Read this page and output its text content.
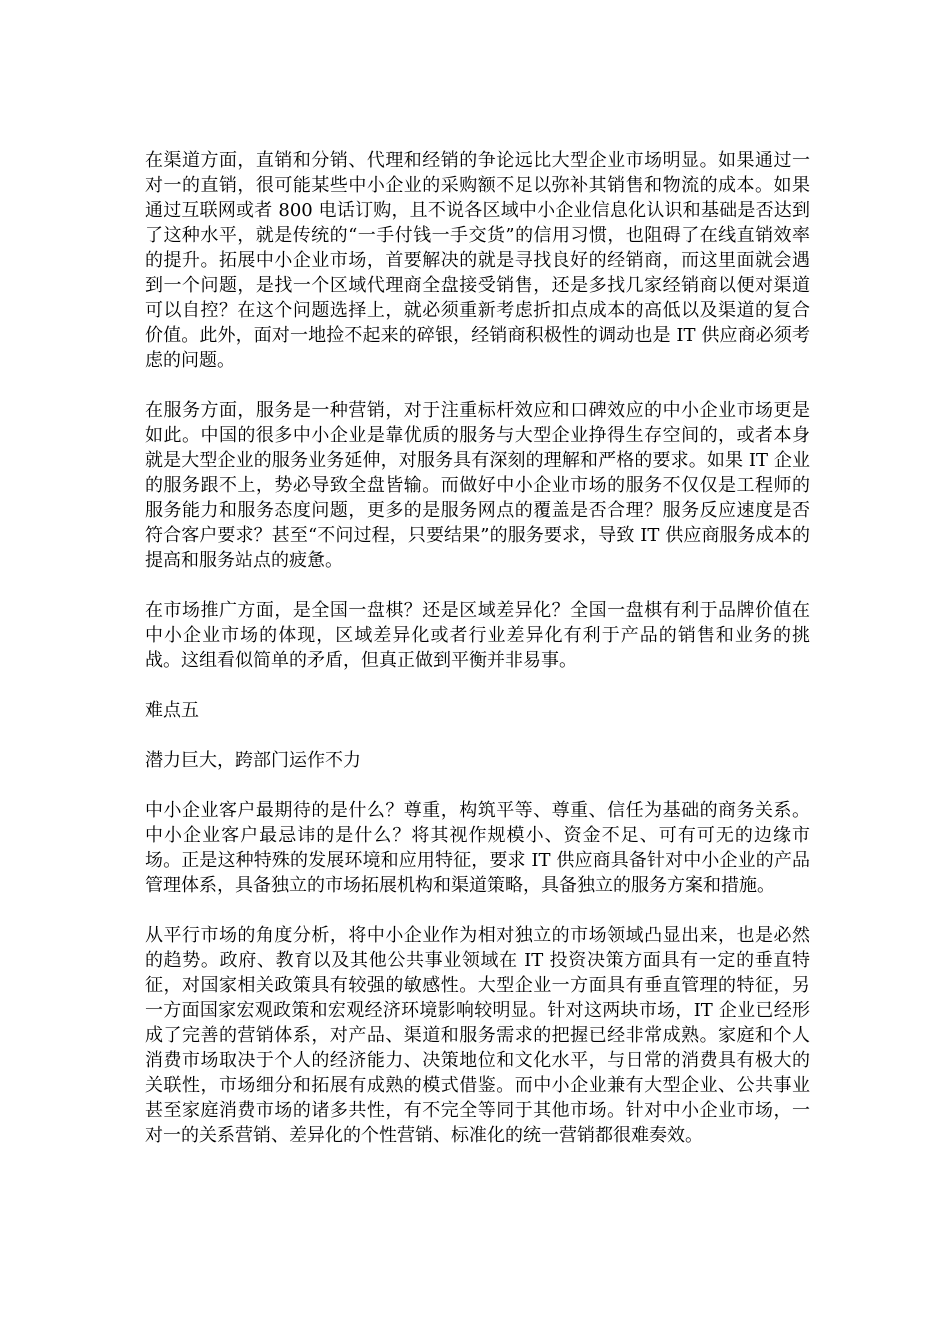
在渠道方面，直销和分销、代理和经销的争论远比大型企业市场明显。如果通过一对一的直销，很可能某些中小企业的采购额不足以弥补其销售和物流的成本。如果通过互联网或者 800 电话订购，且不说各区域中小企业信息化认识和基础是否达到了这种水平，就是传统的“一手付钱一手交货”的信用习惯，也阻碍了在线直销效率的提升。拓展中小企业市场，首要解决的就是寻找良好的经销商，而这里面就会遇到一个问题，是找一个区域代理商全盘接受销售，还是多找几家经销商以便对渠道可以自控？在这个问题选择上，就必须重新考虑折扣点成本的高低以及渠道的复合价值。此外，面对一地捡不起来的碎银，经销商积极性的调动也是 IT 供应商必须考虑的问题。

在服务方面，服务是一种营销，对于注重标杆效应和口碑效应的中小企业市场更是如此。中国的很多中小企业是靠优质的服务与大型企业挣得生存空间的，或者本身就是大型企业的服务业务延伸，对服务具有深刻的理解和严格的要求。如果 IT 企业的服务跟不上，势必导致全盘皆输。而做好中小企业市场的服务不仅仅是工程师的服务能力和服务态度问题，更多的是服务网点的覆盖是否合理？服务反应速度是否符合客户要求？甚至“不问过程，只要结果”的服务要求，导致 IT 供应商服务成本的提高和服务站点的疲惫。

在市场推广方面，是全国一盘棋？还是区域差异化？全国一盘棋有利于品牌价值在中小企业市场的体现，区域差异化或者行业差异化有利于产品的销售和业务的挑战。这组看似简单的矛盾，但真正做到平衡并非易事。

难点五

潜力巨大，跨部门运作不力

中小企业客户最期待的是什么？尊重，构筑平等、尊重、信任为基础的商务关系。中小企业客户最忌讳的是什么？将其视作规模小、资金不足、可有可无的边缘市场。正是这种特殊的发展环境和应用特征，要求 IT 供应商具备针对中小企业的产品管理体系，具备独立的市场拓展机构和渠道策略，具备独立的服务方案和措施。

从平行市场的角度分析，将中小企业作为相对独立的市场领域凸显出来，也是必然的趋势。政府、教育以及其他公共事业领域在 IT 投资决策方面具有一定的垂直特征，对国家相关政策具有较强的敏感性。大型企业一方面具有垂直管理的特征，另一方面国家宏观政策和宏观经济环境影响较明显。针对这两块市场，IT 企业已经形成了完善的营销体系，对产品、渠道和服务需求的把握已经非常成熟。家庭和个人消费市场取决于个人的经济能力、决策地位和文化水平，与日常的消费具有极大的关联性，市场细分和拓展有成熟的模式借鉴。而中小企业兼有大型企业、公共事业甚至家庭消费市场的诸多共性，有不完全等同于其他市场。针对中小企业市场，一对一的关系营销、差异化的个性营销、标准化的统一营销都很难奏效。
